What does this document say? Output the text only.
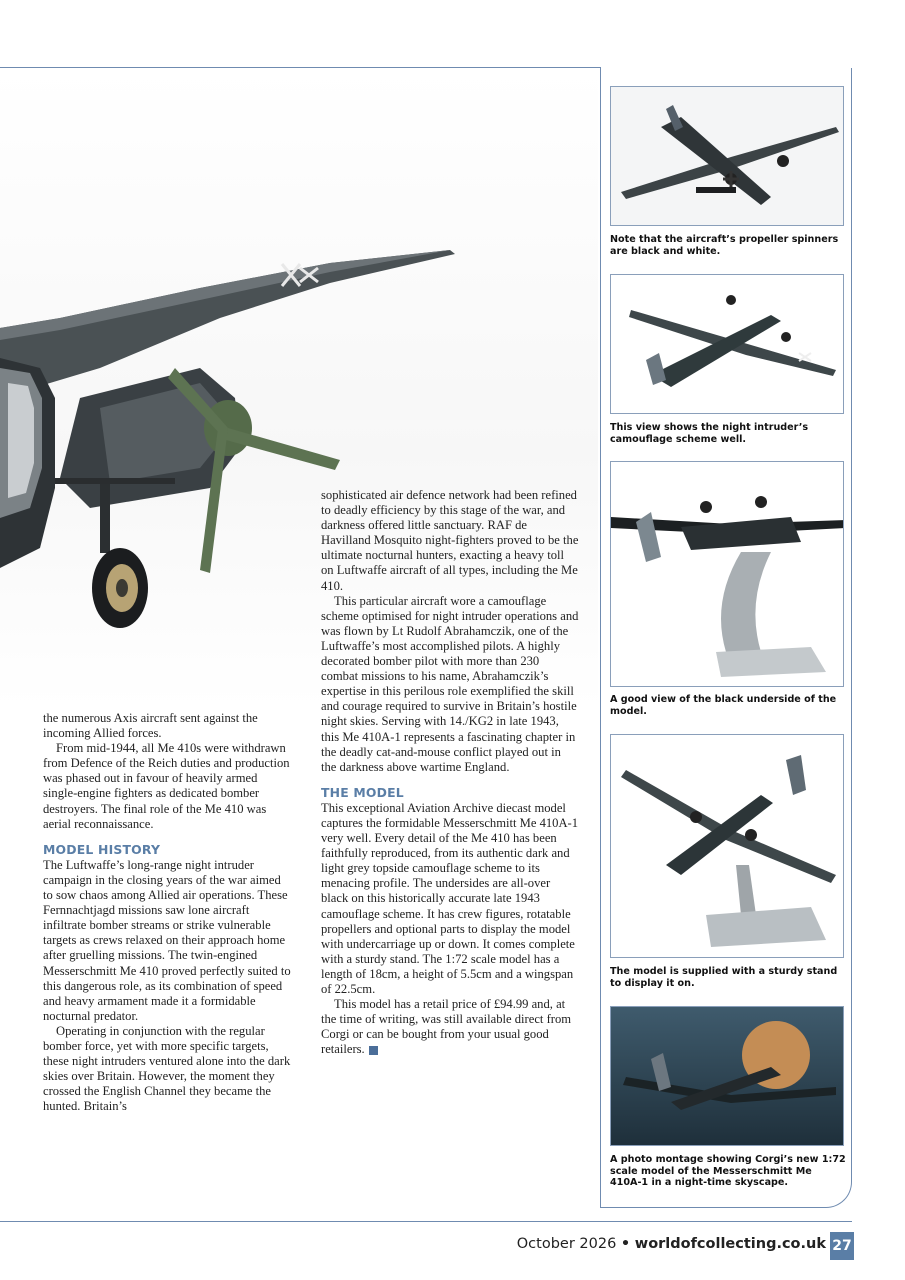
the numerous Axis aircraft sent against the incoming Allied forces.

From mid-1944, all Me 410s were withdrawn from Defence of the Reich duties and production was phased out in favour of heavily armed single-engine fighters as dedicated bomber destroyers. The final role of the Me 410 was aerial reconnaissance.

MODEL HISTORY

The Luftwaffe’s long-range night intruder campaign in the closing years of the war aimed to sow chaos among Allied air operations. These Fernnachtjagd missions saw lone aircraft infiltrate bomber streams or strike vulnerable targets as crews relaxed on their approach home after gruelling missions. The twin-engined Messerschmitt Me 410 proved perfectly suited to this dangerous role, as its combination of speed and heavy armament made it a formidable nocturnal predator.

Operating in conjunction with the regular bomber force, yet with more specific targets, these night intruders ventured alone into the dark skies over Britain. However, the moment they crossed the English Channel they became the hunted. Britain’s

sophisticated air defence network had been refined to deadly efficiency by this stage of the war, and darkness offered little sanctuary. RAF de Havilland Mosquito night-fighters proved to be the ultimate nocturnal hunters, exacting a heavy toll on Luftwaffe aircraft of all types, including the Me 410.

This particular aircraft wore a camouflage scheme optimised for night intruder operations and was flown by Lt Rudolf Abrahamczik, one of the Luftwaffe’s most accomplished pilots. A highly decorated bomber pilot with more than 230 combat missions to his name, Abrahamczik’s expertise in this perilous role exemplified the skill and courage required to survive in Britain’s hostile night skies. Serving with 14./KG2 in late 1943, this Me 410A-1 represents a fascinating chapter in the deadly cat-and-mouse conflict played out in the darkness above wartime England.

THE MODEL

This exceptional Aviation Archive diecast model captures the formidable Messerschmitt Me 410A-1 very well. Every detail of the Me 410 has been faithfully reproduced, from its authentic dark and light grey topside camouflage scheme to its menacing profile. The undersides are all-over black on this historically accurate late 1943 camouflage scheme. It has crew figures, rotatable propellers and optional parts to display the model with undercarriage up or down. It comes complete with a sturdy stand. The 1:72 scale model has a length of 18cm, a height of 5.5cm and a wingspan of 22.5cm.

This model has a retail price of £94.99 and, at the time of writing, was still available direct from Corgi or can be bought from your usual good retailers.

Note that the aircraft’s propeller spinners are black and white.
This view shows the night intruder’s camouflage scheme well.
A good view of the black underside of the model.
The model is supplied with a sturdy stand to display it on.
A photo montage showing Corgi’s new 1:72 scale model of the Messerschmitt Me 410A-1 in a night-time skyscape.
October 2026 • worldofcollecting.co.uk 27
